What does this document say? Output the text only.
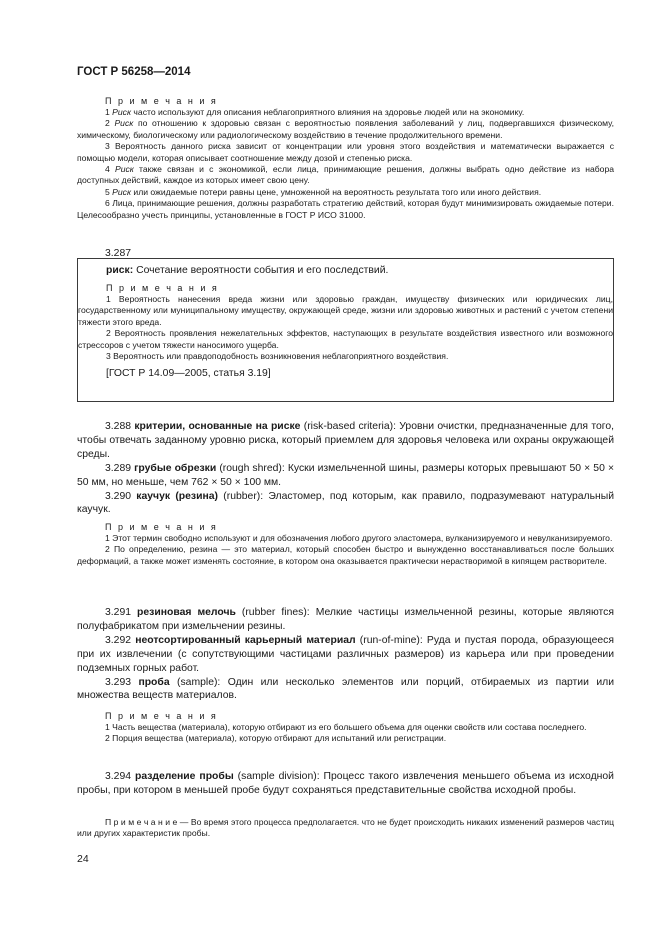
ГОСТ Р 56258—2014

П р и м е ч а н и я

1 Риск часто используют для описания неблагоприятного влияния на здоровье людей или на экономику.

2 Риск по отношению к здоровью связан с вероятностью появления заболеваний у лиц, подвергавшихся физическому, химическому, биологическому или радиологическому воздействию в течение продолжительного времени.

3 Вероятность данного риска зависит от концентрации или уровня этого воздействия и математически выражается с помощью модели, которая описывает соотношение между дозой и степенью риска.

4 Риск также связан и с экономикой, если лица, принимающие решения, должны выбрать одно действие из набора доступных действий, каждое из которых имеет свою цену.

5 Риск или ожидаемые потери равны цене, умноженной на вероятность результата того или иного действия.

6 Лица, принимающие решения, должны разработать стратегию действий, которая будут минимизировать ожидаемые потери. Целесообразно учесть принципы, установленные в ГОСТ Р ИСО 31000.

3.287

риск: Сочетание вероятности события и его последствий.

П р и м е ч а н и я

1 Вероятность нанесения вреда жизни или здоровью граждан, имуществу физических или юридических лиц, государственному или муниципальному имуществу, окружающей среде, жизни или здоровью животных и растений с учетом степени тяжести этого вреда.

2 Вероятность проявления нежелательных эффектов, наступающих в результате воздействия известного или возможного стрессоров с учетом тяжести наносимого ущерба.

3 Вероятность или правдоподобность возникновения неблагоприятного воздействия.

[ГОСТ Р 14.09—2005, статья 3.19]

3.288 критерии, основанные на риске (risk-based criteria): Уровни очистки, предназначенные для того, чтобы отвечать заданному уровню риска, который приемлем для здоровья человека или охраны окружающей среды.

3.289 грубые обрезки (rough shred): Куски измельченной шины, размеры которых превышают 50 × 50 × 50 мм, но меньше, чем 762 × 50 × 100 мм.

3.290 каучук (резина) (rubber): Эластомер, под которым, как правило, подразумевают натуральный каучук.

П р и м е ч а н и я

1 Этот термин свободно используют и для обозначения любого другого эластомера, вулканизируемого и невулканизируемого.

2 По определению, резина — это материал, который способен быстро и вынужденно восстанавливаться после больших деформаций, а также может изменять состояние, в котором она оказывается практически нерастворимой в кипящем растворителе.

3.291 резиновая мелочь (rubber fines): Мелкие частицы измельченной резины, которые являются полуфабрикатом при измельчении резины.

3.292 неотсортированный карьерный материал (run-of-mine): Руда и пустая порода, образующееся при их извлечении (с сопутствующими частицами различных размеров) из карьера или при проведении подземных горных работ.

3.293 проба (sample): Один или несколько элементов или порций, отбираемых из партии или множества веществ материалов.

П р и м е ч а н и я

1 Часть вещества (материала), которую отбирают из его большего объема для оценки свойств или состава последнего.

2 Порция вещества (материала), которую отбирают для испытаний или регистрации.

3.294 разделение пробы (sample division): Процесс такого извлечения меньшего объема из исходной пробы, при котором в меньшей пробе будут сохраняться представительные свойства исходной пробы.

П р и м е ч а н и е — Во время этого процесса предполагается. что не будет происходить никаких изменений размеров частиц или других характеристик пробы.

24
